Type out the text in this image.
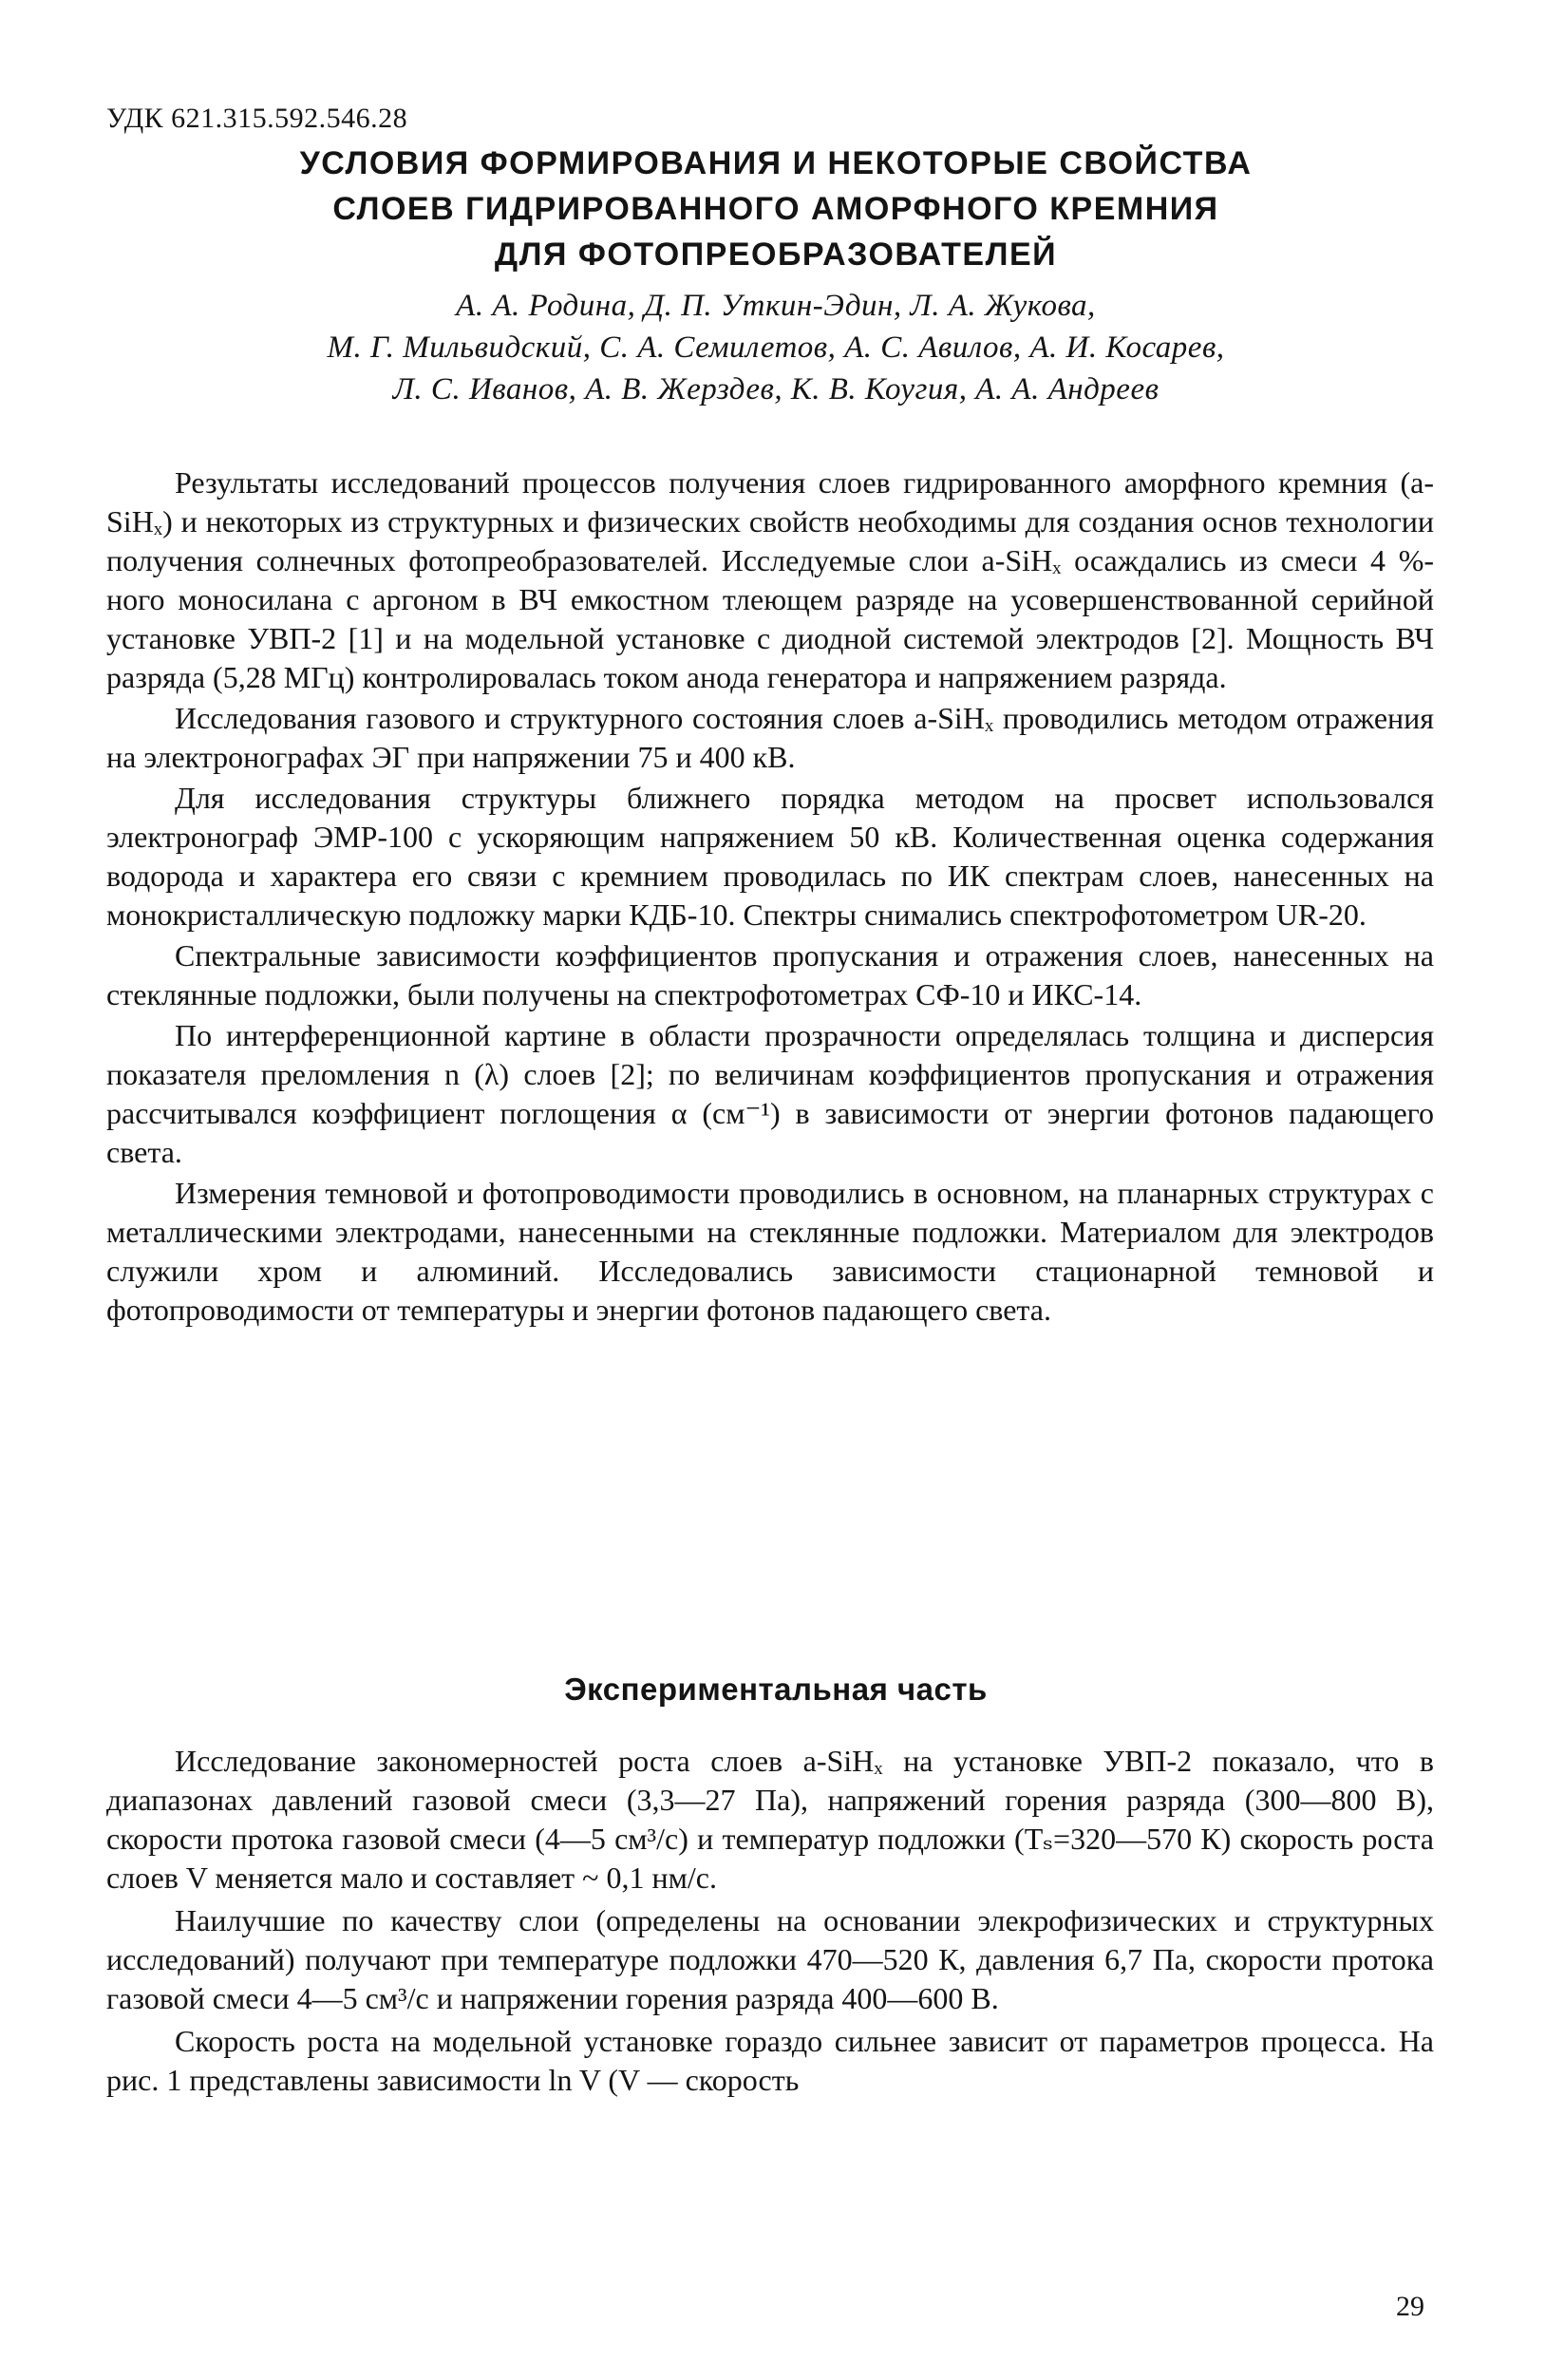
УДК 621.315.592.546.28
УСЛОВИЯ ФОРМИРОВАНИЯ И НЕКОТОРЫЕ СВОЙСТВА
СЛОЕВ ГИДРИРОВАННОГО АМОРФНОГО КРЕМНИЯ
ДЛЯ ФОТОПРЕОБРАЗОВАТЕЛЕЙ
А. А. Родина, Д. П. Уткин-Эдин, Л. А. Жукова,
М. Г. Мильвидский, С. А. Семилетов, А. С. Авилов, А. И. Косарев,
Л. С. Иванов, А. В. Жерздев, К. В. Коугия, А. А. Андреев

Результаты исследований процессов получения слоев гидрированного аморфного кремния (a-SiHₓ) и некоторых из структурных и физических свойств необходимы для создания основ технологии получения солнечных фотопреобразователей. Исследуемые слои a-SiHₓ осаждались из смеси 4 %-ного моносилана с аргоном в ВЧ емкостном тлеющем разряде на усовершенствованной серийной установке УВП-2 [1] и на модельной установке с диодной системой электродов [2]. Мощность ВЧ разряда (5,28 МГц) контролировалась током анода генератора и напряжением разряда.

Исследования газового и структурного состояния слоев a-SiHₓ проводились методом отражения на электронографах ЭГ при напряжении 75 и 400 кВ.

Для исследования структуры ближнего порядка методом на просвет использовался электронограф ЭМР-100 с ускоряющим напряжением 50 кВ. Количественная оценка содержания водорода и характера его связи с кремнием проводилась по ИК спектрам слоев, нанесенных на монокристаллическую подложку марки КДБ-10. Спектры снимались спектрофотометром UR-20.

Спектральные зависимости коэффициентов пропускания и отражения слоев, нанесенных на стеклянные подложки, были получены на спектрофотометрах СФ-10 и ИКС-14.

По интерференционной картине в области прозрачности определялась толщина и дисперсия показателя преломления n (λ) слоев [2]; по величинам коэффициентов пропускания и отражения рассчитывался коэффициент поглощения α (см⁻¹) в зависимости от энергии фотонов падающего света.

Измерения темновой и фотопроводимости проводились в основном, на планарных структурах с металлическими электродами, нанесенными на стеклянные подложки. Материалом для электродов служили хром и алюминий. Исследовались зависимости стационарной темновой и фотопроводимости от температуры и энергии фотонов падающего света.

Экспериментальная часть

Исследование закономерностей роста слоев a-SiHₓ на установке УВП-2 показало, что в диапазонах давлений газовой смеси (3,3—27 Па), напряжений горения разряда (300—800 В), скорости протока газовой смеси (4—5 см³/с) и температур подложки (Tₛ=320—570 К) скорость роста слоев V меняется мало и составляет ~ 0,1 нм/с.

Наилучшие по качеству слои (определены на основании элекрофизических и структурных исследований) получают при температуре подложки 470—520 К, давления 6,7 Па, скорости протока газовой смеси 4—5 см³/с и напряжении горения разряда 400—600 В.

Скорость роста на модельной установке гораздо сильнее зависит от параметров процесса. На рис. 1 представлены зависимости ln V (V — скорость

29
